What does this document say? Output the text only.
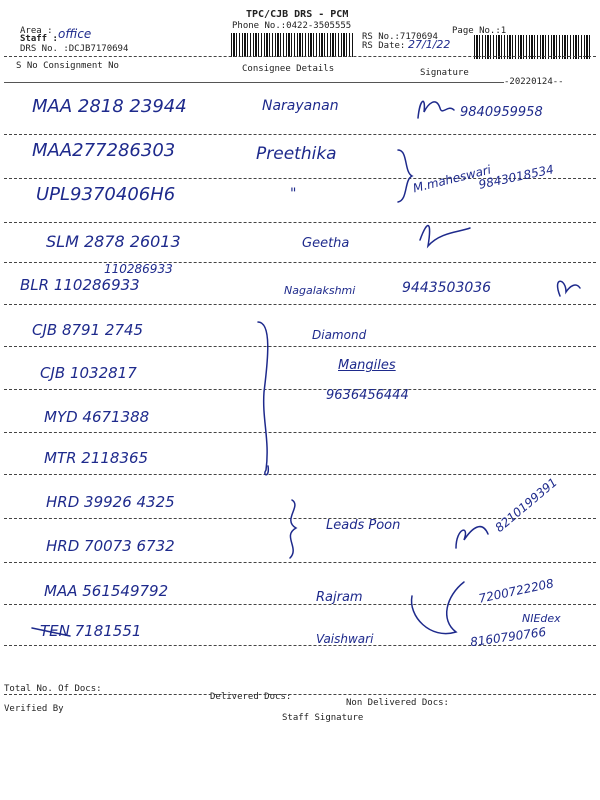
TPC/CJB DRS - PCM
Phone No.:0422-3505555
Area :
Staff : office
DRS No. :DCJB7170694
RS No.:7170694
RS Date: 27/1/22
Page No.:1
S No Consignment No	Consignee Details	Signature
-20220124--
MAA 2818 23944
MAA277286303
UPL9370406H6
SLM 2878 26013
BLR 110286933
CJB 8791 2745
CJB 1032817
MYD 4671388
MTR 2118365
HRD 39926 4325
HRD 70073 6732
MAA 561549792
TEN 7181551
110286933
Narayanan
Preethika
"
Geetha
Nagalakshmi
Diamond
Leads Poon
Rajram
Vaishwari
9840959958
M.maheswari
9843018534
9443503036
Mangiles
9636456444
8210199391
7200722208
NIEdex
8160790766
Total No. Of Docs:
Delivered Docs:
Non Delivered Docs:
Verified By
Staff Signature
